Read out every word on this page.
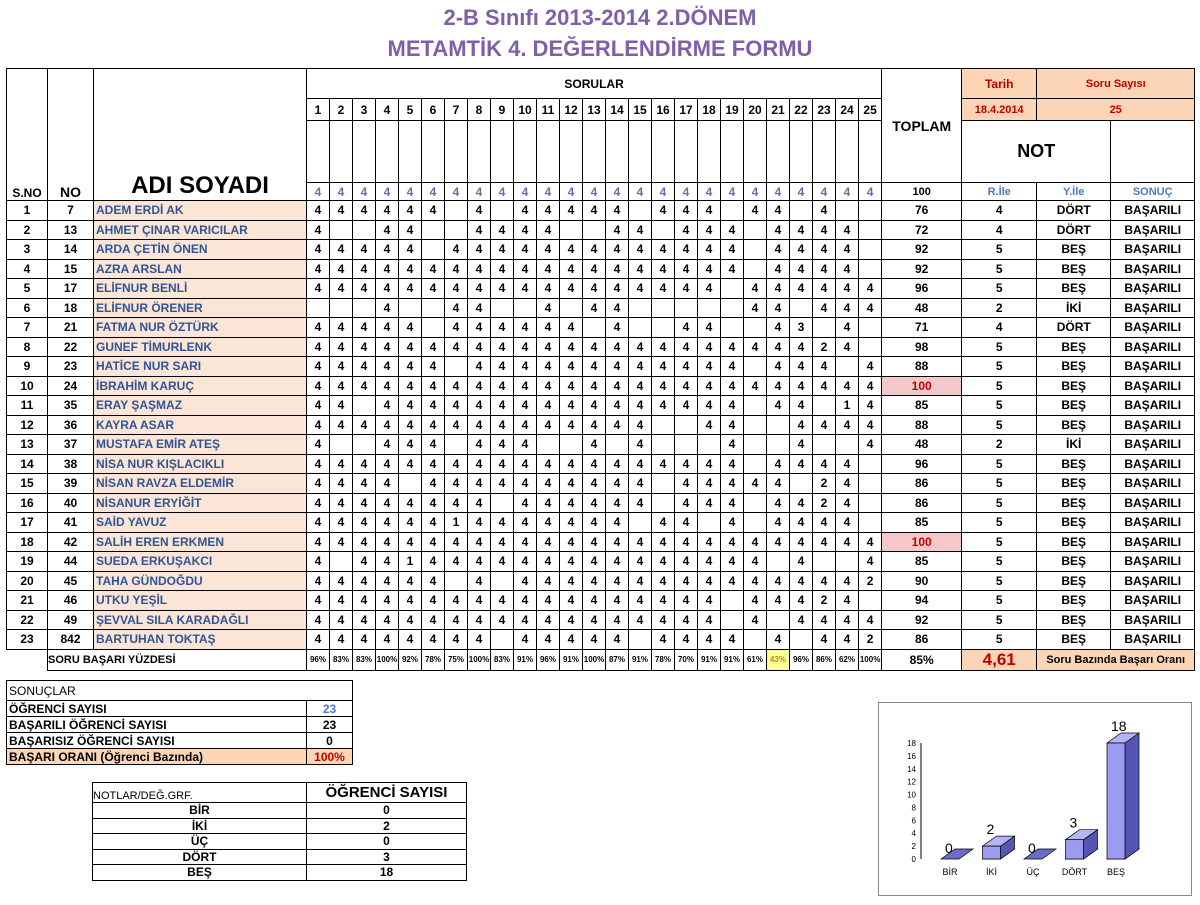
2-B Sınıfı 2013-2014 2.DÖNEM
METAMTİK 4. DEĞERLENDİRME FORMU
S.NO	NO	ADI SOYADI	SORULAR																									TOPLAM	Tarih	Soru Sayısı	
			1	2	3	4	5	6	7	8	9	10	11	12	13	14	15	16	17	18	19	20	21	22	23	24	25		18.4.2014	25	
																													NOT		
			4	4	4	4	4	4	4	4	4	4	4	4	4	4	4	4	4	4	4	4	4	4	4	4	4	100	R.İle	Y.İle	SONUÇ
1	7	ADEM ERDİ AK	4	4	4	4	4	4		4		4	4	4	4	4		4	4	4		4	4		4			76	4	DÖRT	BAŞARILI
2	13	AHMET ÇINAR VARICILAR	4			4	4			4	4	4	4			4	4		4	4	4		4	4	4	4		72	4	DÖRT	BAŞARILI
3	14	ARDA ÇETİN ÖNEN	4	4	4	4	4		4	4	4	4	4	4	4	4	4	4	4	4	4		4	4	4	4		92	5	BEŞ	BAŞARILI
4	15	AZRA ARSLAN	4	4	4	4	4	4	4	4	4	4	4	4	4	4	4	4	4	4	4		4	4	4	4		92	5	BEŞ	BAŞARILI
5	17	ELİFNUR BENLİ	4	4	4	4	4	4	4	4	4	4	4	4	4	4	4	4	4	4		4	4	4	4	4	4	96	5	BEŞ	BAŞARILI
6	18	ELİFNUR ÖRENER				4			4	4			4		4	4						4	4		4	4	4	48	2	İKİ	BAŞARILI
7	21	FATMA NUR ÖZTÜRK	4	4	4	4	4		4	4	4	4	4	4		4			4	4			4	3		4		71	4	DÖRT	BAŞARILI
8	22	GUNEF TİMURLENK	4	4	4	4	4	4	4	4	4	4	4	4	4	4	4	4	4	4	4	4	4	4	2	4		98	5	BEŞ	BAŞARILI
9	23	HATİCE NUR SARI	4	4	4	4	4	4		4	4	4	4	4	4	4	4	4	4	4	4		4	4	4		4	88	5	BEŞ	BAŞARILI
10	24	İBRAHİM KARUÇ	4	4	4	4	4	4	4	4	4	4	4	4	4	4	4	4	4	4	4	4	4	4	4	4	4	100	5	BEŞ	BAŞARILI
11	35	ERAY ŞAŞMAZ	4	4		4	4	4	4	4	4	4	4	4	4	4	4	4	4	4	4		4	4		1	4	85	5	BEŞ	BAŞARILI
12	36	KAYRA ASAR	4	4	4	4	4	4	4	4	4	4	4	4	4	4	4			4	4			4	4	4	4	88	5	BEŞ	BAŞARILI
13	37	MUSTAFA EMİR ATEŞ	4			4	4	4		4	4	4			4		4				4			4			4	48	2	İKİ	BAŞARILI
14	38	NİSA NUR KIŞLACIKLI	4	4	4	4	4	4	4	4	4	4	4	4	4	4	4	4	4	4	4		4	4	4	4		96	5	BEŞ	BAŞARILI
15	39	NİSAN RAVZA ELDEMİR	4	4	4	4		4	4	4	4	4	4	4	4	4	4		4	4	4	4	4		2	4		86	5	BEŞ	BAŞARILI
16	40	NİSANUR ERYİĞİT	4	4	4	4	4	4	4	4		4	4	4	4	4	4		4	4	4		4	4	2	4		86	5	BEŞ	BAŞARILI
17	41	SAİD YAVUZ	4	4	4	4	4	4	1	4	4	4	4	4	4	4		4	4		4		4	4	4	4		85	5	BEŞ	BAŞARILI
18	42	SALİH EREN ERKMEN	4	4	4	4	4	4	4	4	4	4	4	4	4	4	4	4	4	4	4	4	4	4	4	4	4	100	5	BEŞ	BAŞARILI
19	44	SUEDA ERKUŞAKCI	4		4	4	1	4	4	4	4	4	4	4	4	4	4	4	4	4	4	4		4			4	85	5	BEŞ	BAŞARILI
20	45	TAHA GÜNDOĞDU	4	4	4	4	4	4		4		4	4	4	4	4	4	4	4	4	4	4	4	4	4	4	2	90	5	BEŞ	BAŞARILI
21	46	UTKU YEŞİL	4	4	4	4	4	4	4	4	4	4	4	4	4	4	4	4	4	4		4	4	4	2	4		94	5	BEŞ	BAŞARILI
22	49	ŞEVVAL SILA KARADAĞLI	4	4	4	4	4	4	4	4	4	4	4	4	4	4	4	4	4	4		4		4	4	4	4	92	5	BEŞ	BAŞARILI
23	842	BARTUHAN TOKTAŞ	4	4	4	4	4	4	4	4		4	4	4	4	4		4	4	4	4		4		4	4	2	86	5	BEŞ	BAŞARILI
	SORU BAŞARI YÜZDESİ		96%	83%	83%	100%	92%	78%	75%	100%	83%	91%	96%	91%	100%	87%	91%	78%	70%	91%	91%	61%	43%	96%	86%	62%	100%	85%	4,61	Soru Bazında Başarı Oranı	
SONUÇLAR	
ÖĞRENCİ SAYISI	23
BAŞARILI ÖĞRENCİ SAYISI	23
BAŞARISIZ ÖĞRENCİ SAYISI	0
BAŞARI ORANI (Öğrenci Bazında)	100%
NOTLAR/DEĞ.GRF.	ÖĞRENCİ SAYISI
BİR	0
İKİ	2
ÜÇ	0
DÖRT	3
BEŞ	18
0
2
4
6
8
10
12
14
16
18
0
BİR
2
İKİ
0
ÜÇ
3
DÖRT
18
BEŞ
